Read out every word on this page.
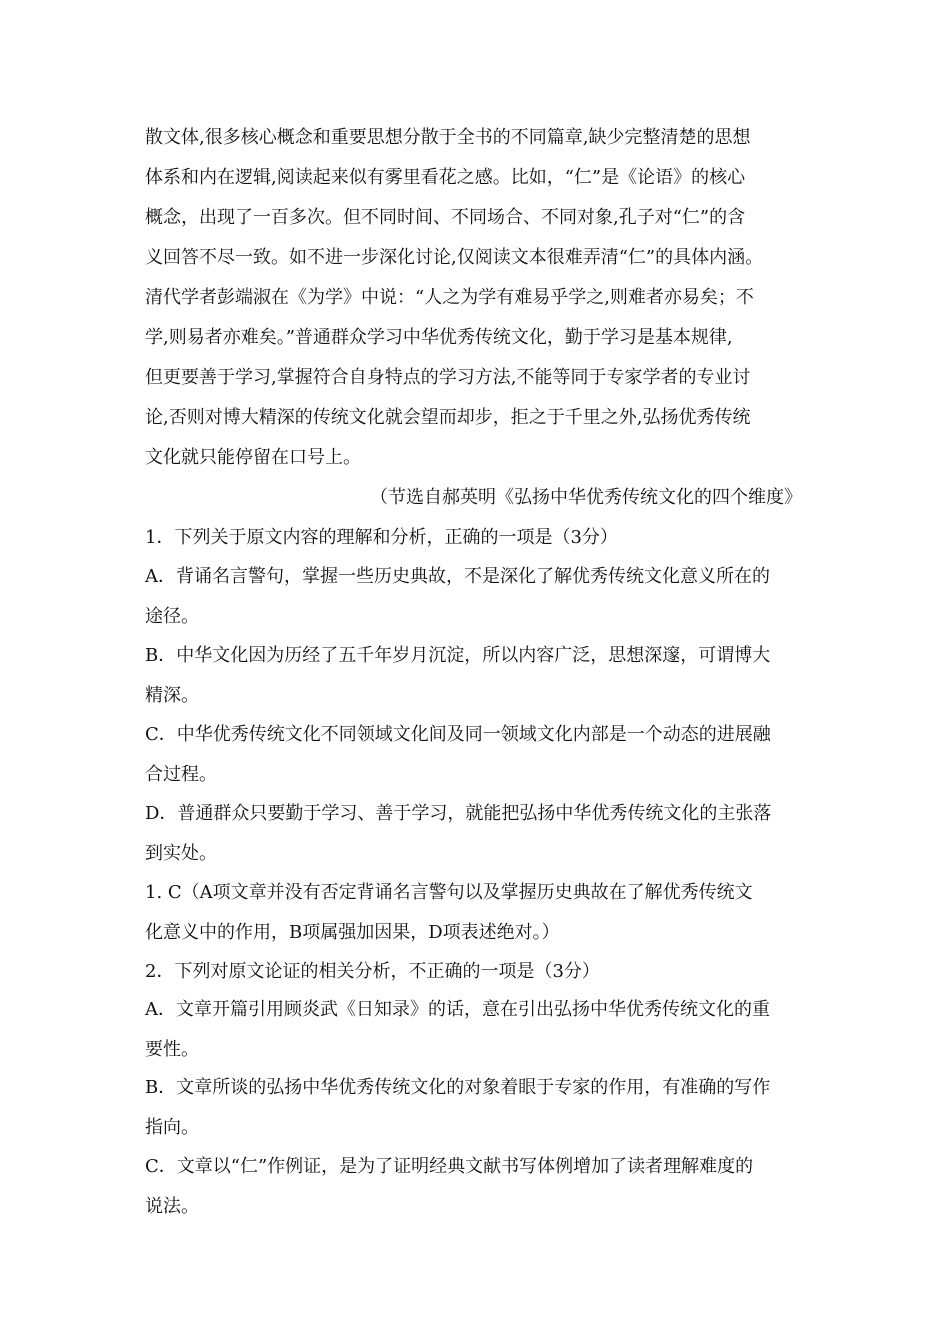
散文体,很多核心概念和重要思想分散于全书的不同篇章,缺少完整清楚的思想
体系和内在逻辑,阅读起来似有雾里看花之感。比如，“仁”是《论语》的核心
概念，出现了一百多次。但不同时间、不同场合、不同对象,孔子对“仁”的含
义回答不尽一致。如不进一步深化讨论,仅阅读文本很难弄清“仁”的具体内涵。
清代学者彭端淑在《为学》中说：“人之为学有难易乎学之,则难者亦易矣；不
学,则易者亦难矣。”普通群众学习中华优秀传统文化，勤于学习是基本规律,
但更要善于学习,掌握符合自身特点的学习方法,不能等同于专家学者的专业讨
论,否则对博大精深的传统文化就会望而却步，拒之于千里之外,弘扬优秀传统
文化就只能停留在口号上。
（节选自郝英明《弘扬中华优秀传统文化的四个维度》
1．下列关于原文内容的理解和分析，正确的一项是（3分）
A．背诵名言警句，掌握一些历史典故，不是深化了解优秀传统文化意义所在的
途径。
B．中华文化因为历经了五千年岁月沉淀，所以内容广泛，思想深邃，可谓博大
精深。
C．中华优秀传统文化不同领域文化间及同一领域文化内部是一个动态的进展融
合过程。
D．普通群众只要勤于学习、善于学习，就能把弘扬中华优秀传统文化的主张落
到实处。
1. C（A项文章并没有否定背诵名言警句以及掌握历史典故在了解优秀传统文
化意义中的作用，B项属强加因果，D项表述绝对。）
2．下列对原文论证的相关分析，不正确的一项是（3分）
A．文章开篇引用顾炎武《日知录》的话，意在引出弘扬中华优秀传统文化的重
要性。
B．文章所谈的弘扬中华优秀传统文化的对象着眼于专家的作用，有准确的写作
指向。
C．文章以“仁”作例证，是为了证明经典文献书写体例增加了读者理解难度的
说法。
